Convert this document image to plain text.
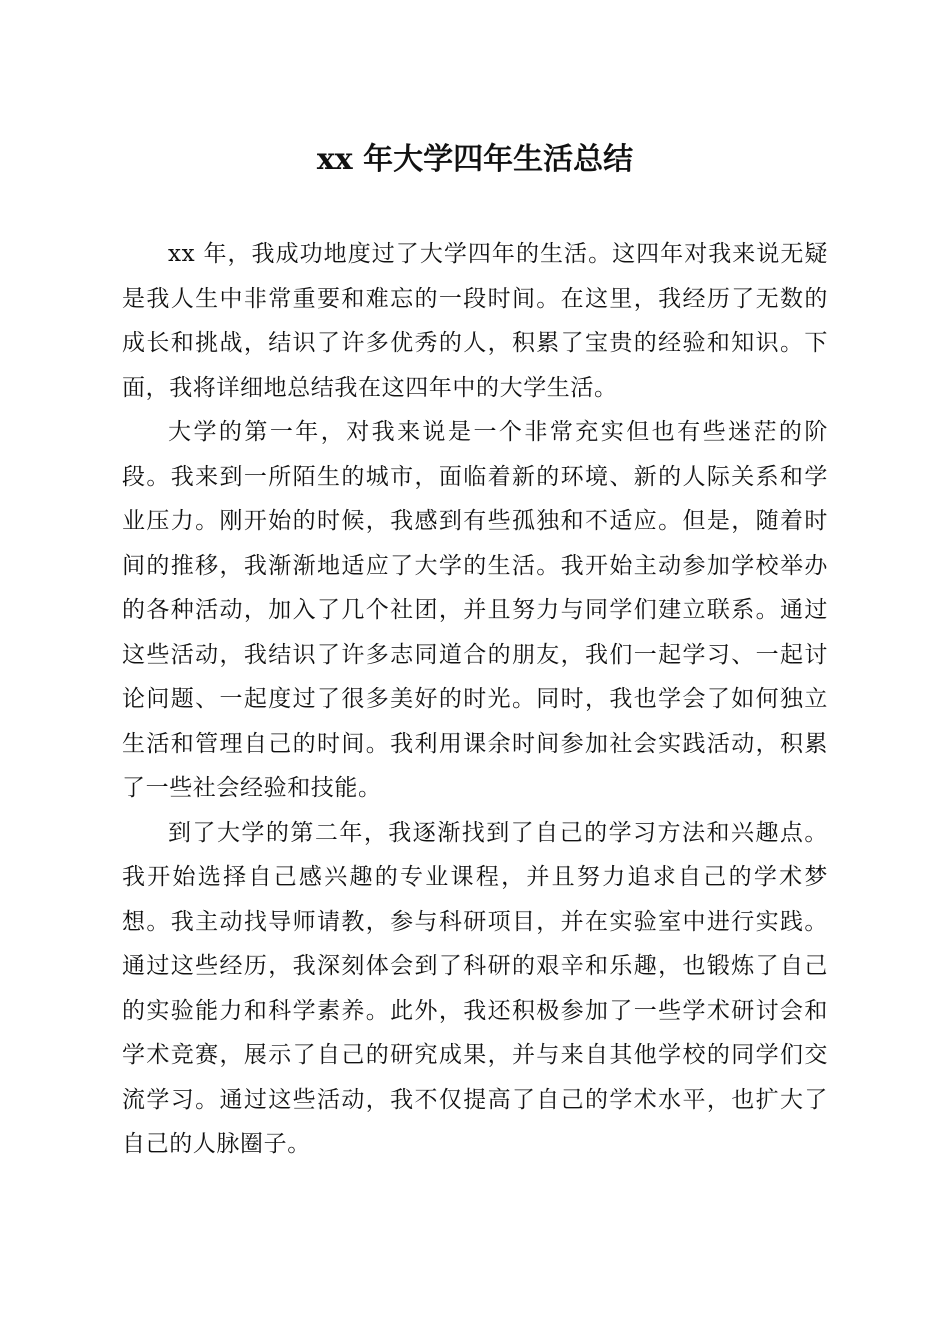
xx 年大学四年生活总结

xx 年，我成功地度过了大学四年的生活。这四年对我来说无疑是我人生中非常重要和难忘的一段时间。在这里，我经历了无数的成长和挑战，结识了许多优秀的人，积累了宝贵的经验和知识。下面，我将详细地总结我在这四年中的大学生活。

大学的第一年，对我来说是一个非常充实但也有些迷茫的阶段。我来到一所陌生的城市，面临着新的环境、新的人际关系和学业压力。刚开始的时候，我感到有些孤独和不适应。但是，随着时间的推移，我渐渐地适应了大学的生活。我开始主动参加学校举办的各种活动，加入了几个社团，并且努力与同学们建立联系。通过这些活动，我结识了许多志同道合的朋友，我们一起学习、一起讨论问题、一起度过了很多美好的时光。同时，我也学会了如何独立生活和管理自己的时间。我利用课余时间参加社会实践活动，积累了一些社会经验和技能。

到了大学的第二年，我逐渐找到了自己的学习方法和兴趣点。我开始选择自己感兴趣的专业课程，并且努力追求自己的学术梦想。我主动找导师请教，参与科研项目，并在实验室中进行实践。通过这些经历，我深刻体会到了科研的艰辛和乐趣，也锻炼了自己的实验能力和科学素养。此外，我还积极参加了一些学术研讨会和学术竞赛，展示了自己的研究成果，并与来自其他学校的同学们交流学习。通过这些活动，我不仅提高了自己的学术水平，也扩大了自己的人脉圈子。
